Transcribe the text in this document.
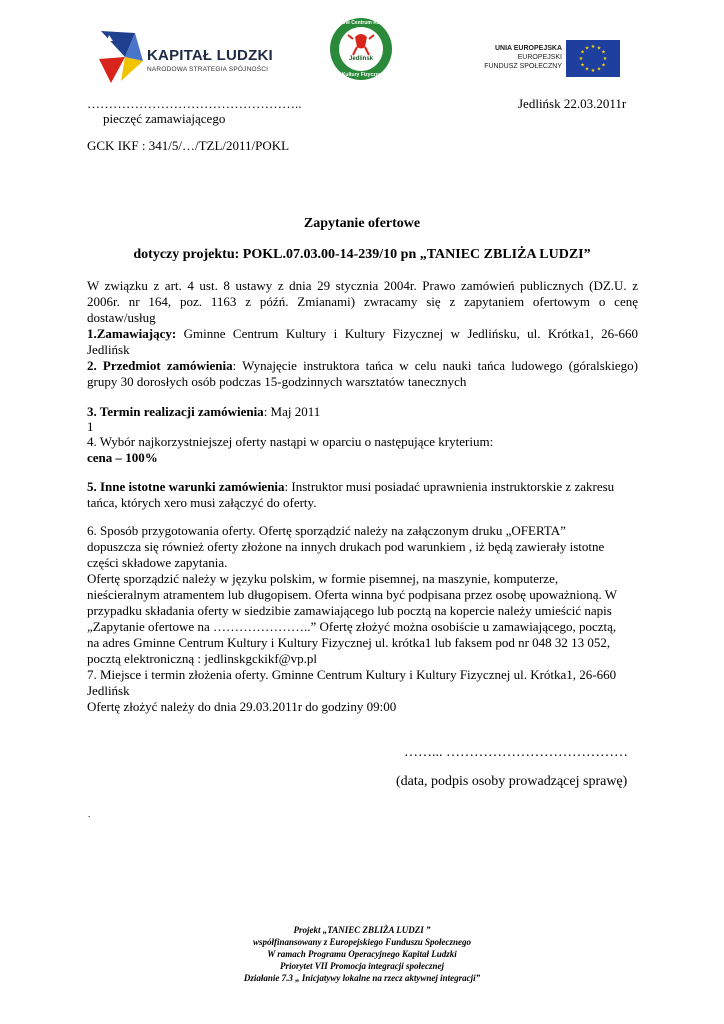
KAPITAŁ LUDZKI
NARODOWA STRATEGIA SPÓJNOŚCI
Gminne Centrum Kultury
Jedlińsk
i Kultury Fizycznej
UNIA EUROPEJSKA
EUROPEJSKI
FUNDUSZ SPOŁECZNY
★ ★
★
★
★
★
★
★
★
★
★
★
…………………………………………..	Jedlińsk 22.03.2011r
pieczęć zamawiającego
GCK IKF : 341/5/…/TZL/2011/POKL
Zapytanie ofertowe
dotyczy projektu: POKL.07.03.00-14-239/10 pn „TANIEC ZBLIŻA LUDZI”
W związku z art. 4 ust. 8 ustawy z dnia 29 stycznia 2004r. Prawo zamówień publicznych (DZ.U. z
2006r. nr 164, poz. 1163 z późń. Zmianami) zwracamy się z zapytaniem ofertowym o cenę
dostaw/usług
1.Zamawiający: Gminne Centrum Kultury i Kultury Fizycznej w Jedlińsku, ul. Krótka1, 26-660
Jedlińsk
2. Przedmiot zamówienia: Wynajęcie instruktora tańca w celu nauki tańca ludowego (góralskiego)
grupy 30 dorosłych osób podczas 15-godzinnych warsztatów tanecznych
3. Termin realizacji zamówienia: Maj 2011
1
4. Wybór najkorzystniejszej oferty nastąpi w oparciu o następujące kryterium:
cena – 100%
5. Inne istotne warunki zamówienia: Instruktor musi posiadać uprawnienia instruktorskie z zakresu
tańca, których xero musi załączyć do oferty.
6. Sposób przygotowania oferty. Ofertę sporządzić należy na załączonym druku „OFERTA”
dopuszcza się również oferty złożone na innych drukach pod warunkiem , iż będą zawierały istotne
części składowe zapytania.
Ofertę sporządzić należy w języku polskim, w formie pisemnej, na maszynie, komputerze,
nieścieralnym atramentem lub długopisem. Oferta winna być podpisana przez osobę upoważnioną. W
przypadku składania oferty w siedzibie zamawiającego lub pocztą na kopercie należy umieścić napis
„Zapytanie ofertowe na …………………..” Ofertę złożyć można osobiście u zamawiającego, pocztą,
na adres Gminne Centrum Kultury i Kultury Fizycznej ul. krótka1 lub faksem pod nr 048 32 13 052,
pocztą elektroniczną : jedlinskgckikf@vp.pl
7. Miejsce i termin złożenia oferty. Gminne Centrum Kultury i Kultury Fizycznej ul. Krótka1, 26-660
Jedlińsk
Ofertę złożyć należy do dnia 29.03.2011r do godziny 09:00
……... …………………………………
(data, podpis osoby prowadzącej sprawę)
.
Projekt „TANIEC ZBLIŻA LUDZI ”
współfinansowany z Europejskiego Funduszu Społecznego
W ramach Programu Operacyjnego Kapitał Ludzki
Priorytet VII Promocja integracji społecznej
Działanie 7.3 „ Inicjatywy lokalne na rzecz aktywnej integracji”
